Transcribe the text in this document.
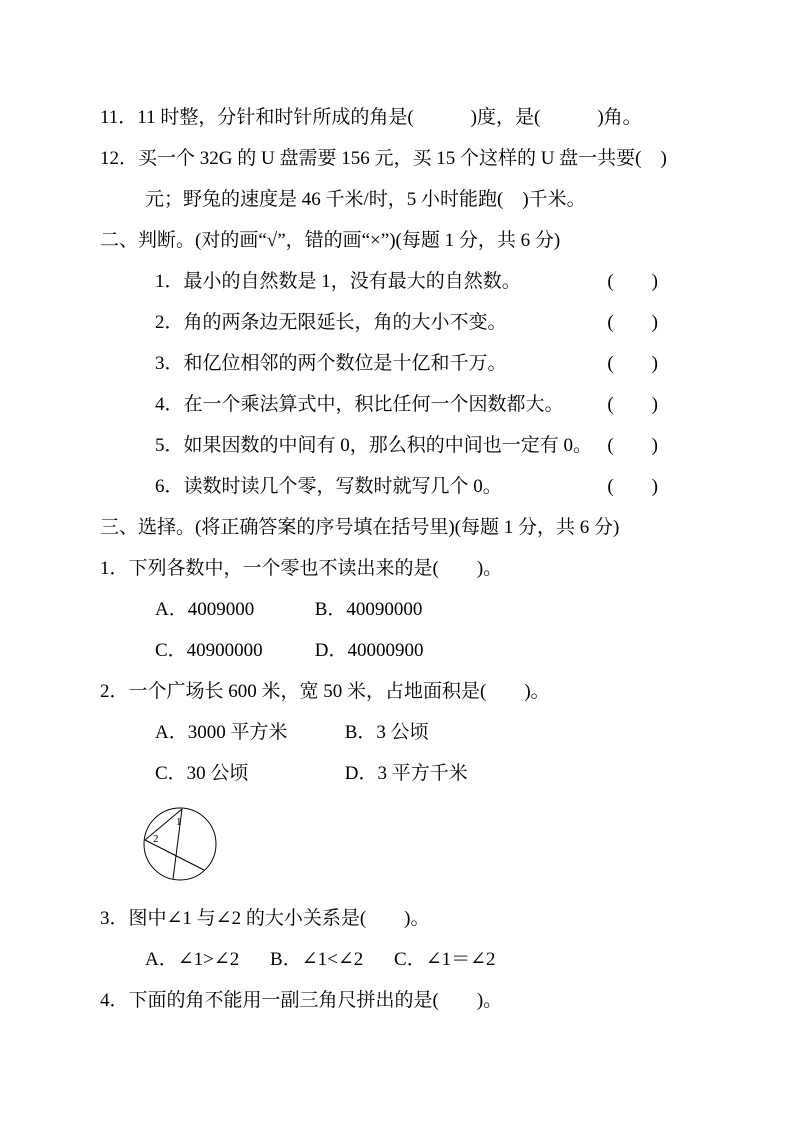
11．11 时整，分针和时针所成的角是(　　　)度，是(　　　)角。
12．买一个 32G 的 U 盘需要 156 元，买 15 个这样的 U 盘一共要(　)
元；野兔的速度是 46 千米/时，5 小时能跑(　)千米。
二、判断。(对的画“√”，错的画“×”)(每题 1 分，共 6 分)
1．最小的自然数是 1，没有最大的自然数。	(　　)
2．角的两条边无限延长，角的大小不变。	(　　)
3．和亿位相邻的两个数位是十亿和千万。	(　　)
4．在一个乘法算式中，积比任何一个因数都大。 (　　)
5．如果因数的中间有 0，那么积的中间也一定有 0。 (　　)
6．读数时读几个零，写数时就写几个 0。	(　　)
三、选择。(将正确答案的序号填在括号里)(每题 1 分，共 6 分)
1．下列各数中，一个零也不读出来的是(　　)。
A．4009000	B．40090000
C．40900000	D．40000900
2．一个广场长 600 米，宽 50 米，占地面积是(　　)。
A．3000 平方米	B．3 公顷
C．30 公顷	D．3 平方千米
1
2
3．图中∠1 与∠2 的大小关系是(　　)。
A．∠1>∠2 B．∠1<∠2 C．∠1＝∠2
4．下面的角不能用一副三角尺拼出的是(　　)。
